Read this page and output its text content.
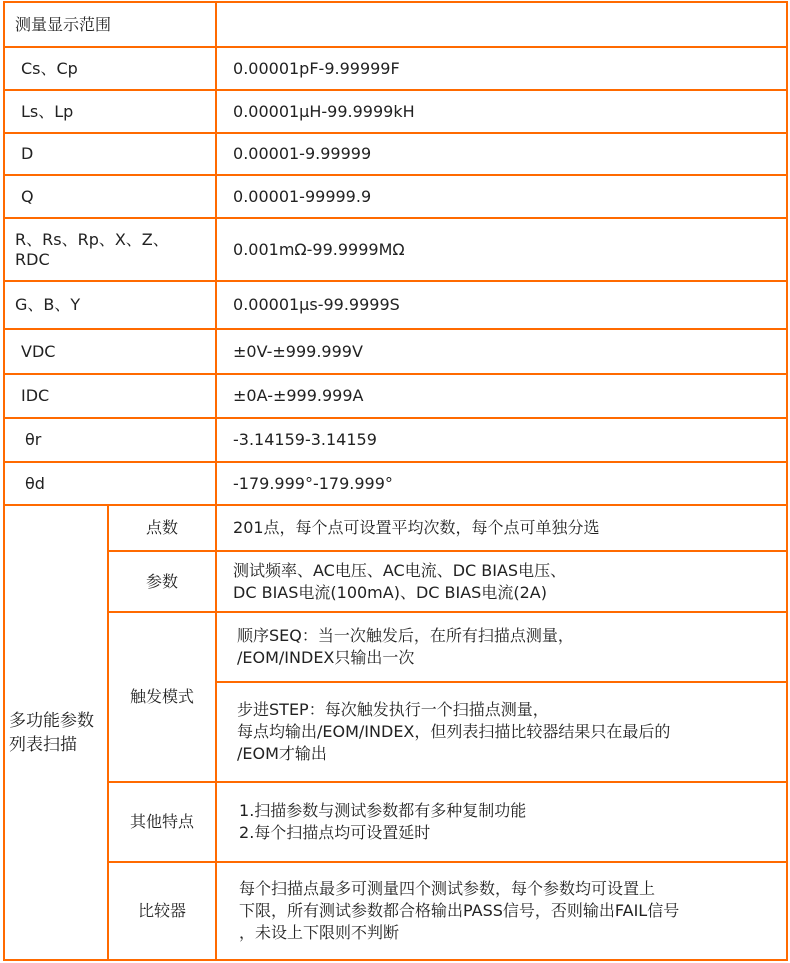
测量显示范围		
Cs、Cp		0.00001pF-9.99999F
Ls、Lp		0.00001μH-99.9999kH
D		0.00001-9.99999
Q		0.00001-99999.9

R、Rs、Rp、X、Z、RDC		0.001mΩ-99.9999MΩ
G、B、Y		0.00001μs-99.9999S
VDC		±0V-±999.999V
IDC		±0A-±999.999A
θr		-3.14159-3.14159
θd		-179.999°-179.999°

多功能参数列表扫描	点数	201点，每个点可设置平均次数，每个点可单独分选
	参数	测试频率、AC电压、AC电流、DC BIAS电压、
DC BIAS电流(100mA)、DC BIAS电流(2A)

	触发模式	顺序SEQ：当一次触发后，在所有扫描点测量，
/EOM/INDEX只输出一次

		步进STEP：每次触发执行一个扫描点测量，
每点均输出/EOM/INDEX，但列表扫描比较器结果只在最后的
/EOM才输出

	其他特点	1.扫描参数与测试参数都有多种复制功能
2.每个扫描点均可设置延时

	比较器	每个扫描点最多可测量四个测试参数，每个参数均可设置上
下限，所有测试参数都合格输出PASS信号，否则输出FAIL信号
，未设上下限则不判断
